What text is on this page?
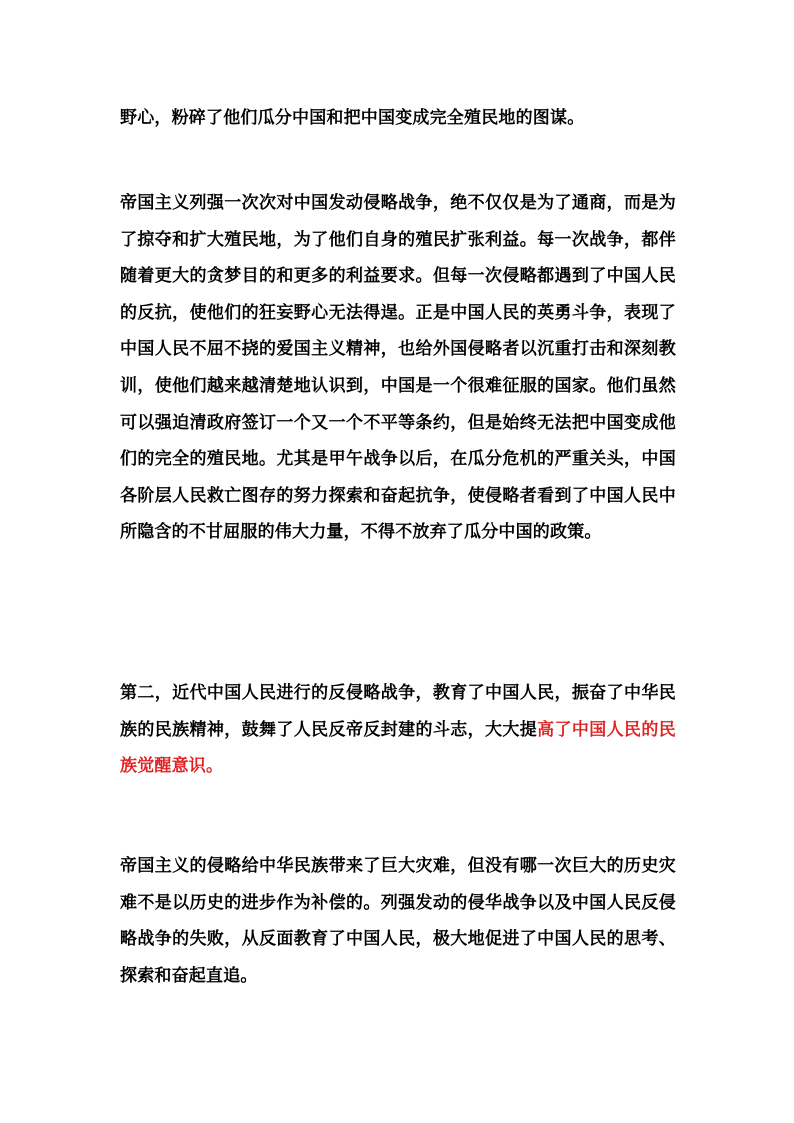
野心，粉碎了他们瓜分中国和把中国变成完全殖民地的图谋。

帝国主义列强一次次对中国发动侵略战争，绝不仅仅是为了通商，而是为了掠夺和扩大殖民地，为了他们自身的殖民扩张利益。每一次战争，都伴随着更大的贪梦目的和更多的利益要求。但每一次侵略都遇到了中国人民的反抗，使他们的狂妄野心无法得逞。正是中国人民的英勇斗争，表现了中国人民不屈不挠的爱国主义精神，也给外国侵略者以沉重打击和深刻教训，使他们越来越清楚地认识到，中国是一个很难征服的国家。他们虽然可以强迫清政府签订一个又一个不平等条约，但是始终无法把中国变成他们的完全的殖民地。尤其是甲午战争以后，在瓜分危机的严重关头，中国各阶层人民救亡图存的努力探索和奋起抗争，使侵略者看到了中国人民中所隐含的不甘屈服的伟大力量，不得不放弃了瓜分中国的政策。

第二，近代中国人民进行的反侵略战争，教育了中国人民，振奋了中华民族的民族精神，鼓舞了人民反帝反封建的斗志，大大提高了中国人民的民族觉醒意识。

帝国主义的侵略给中华民族带来了巨大灾难，但没有哪一次巨大的历史灾难不是以历史的进步作为补偿的。列强发动的侵华战争以及中国人民反侵略战争的失败，从反面教育了中国人民，极大地促进了中国人民的思考、探索和奋起直追。
